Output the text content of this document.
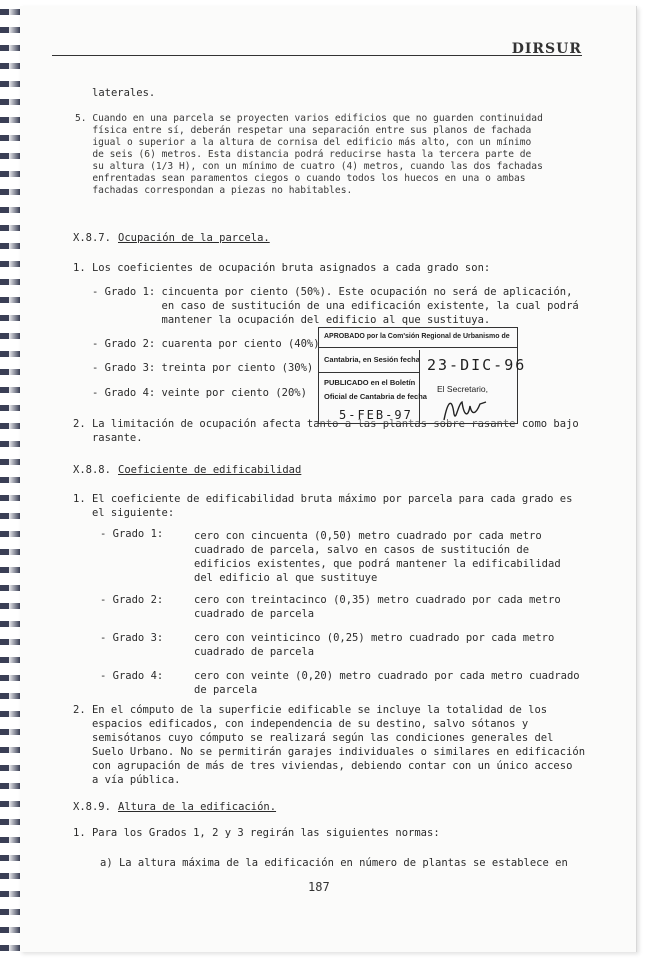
DIRSUR
laterales.
5. Cuando en una parcela se proyecten varios edificios que no guarden continuidad
física entre sí, deberán respetar una separación entre sus planos de fachada
igual o superior a la altura de cornisa del edificio más alto, con un mínimo
de seis (6) metros. Esta distancia podrá reducirse hasta la tercera parte de
su altura (1/3 H), con un mínimo de cuatro (4) metros, cuando las dos fachadas
enfrentadas sean paramentos ciegos o cuando todos los huecos en una o ambas
fachadas correspondan a piezas no habitables.
X.8.7. Ocupación de la parcela.
1. Los coeficientes de ocupación bruta asignados a cada grado son:
- Grado 1: cincuenta por ciento (50%). Este ocupación no será de aplicación,
en caso de sustitución de una edificación existente, la cual podrá
mantener la ocupación del edificio al que sustituya.
- Grado 2: cuarenta por ciento (40%)
- Grado 3: treinta por ciento (30%)
- Grado 4: veinte por ciento (20%)
2. La limitación de ocupación afecta tanto a las plantas sobre rasante como bajo
rasante.
APROBADO por la Com'sión Regional de Urbanismo de
Cantabria, en Sesión fecha 23-DIC-96
PUBLICADO en el Boletín
Oficial de Cantabria de fecha
El Secretario,
5-FEB-97
X.8.8. Coeficiente de edificabilidad
1. El coeficiente de edificabilidad bruta máximo por parcela para cada grado es
el siguiente:
- Grado 1:	cero con cincuenta (0,50) metro cuadrado por cada metro
cuadrado de parcela, salvo en casos de sustitución de
edificios existentes, que podrá mantener la edificabilidad
del edificio al que sustituye
- Grado 2:	cero con treintacinco (0,35) metro cuadrado por cada metro
cuadrado de parcela
- Grado 3:	cero con veinticinco (0,25) metro cuadrado por cada metro
cuadrado de parcela
- Grado 4:	cero con veinte (0,20) metro cuadrado por cada metro cuadrado
de parcela
2. En el cómputo de la superficie edificable se incluye la totalidad de los
espacios edificados, con independencia de su destino, salvo sótanos y
semisótanos cuyo cómputo se realizará según las condiciones generales del
Suelo Urbano. No se permitirán garajes individuales o similares en edificación
con agrupación de más de tres viviendas, debiendo contar con un único acceso
a vía pública.
X.8.9. Altura de la edificación.
1. Para los Grados 1, 2 y 3 regirán las siguientes normas:
a) La altura máxima de la edificación en número de plantas se establece en
187
